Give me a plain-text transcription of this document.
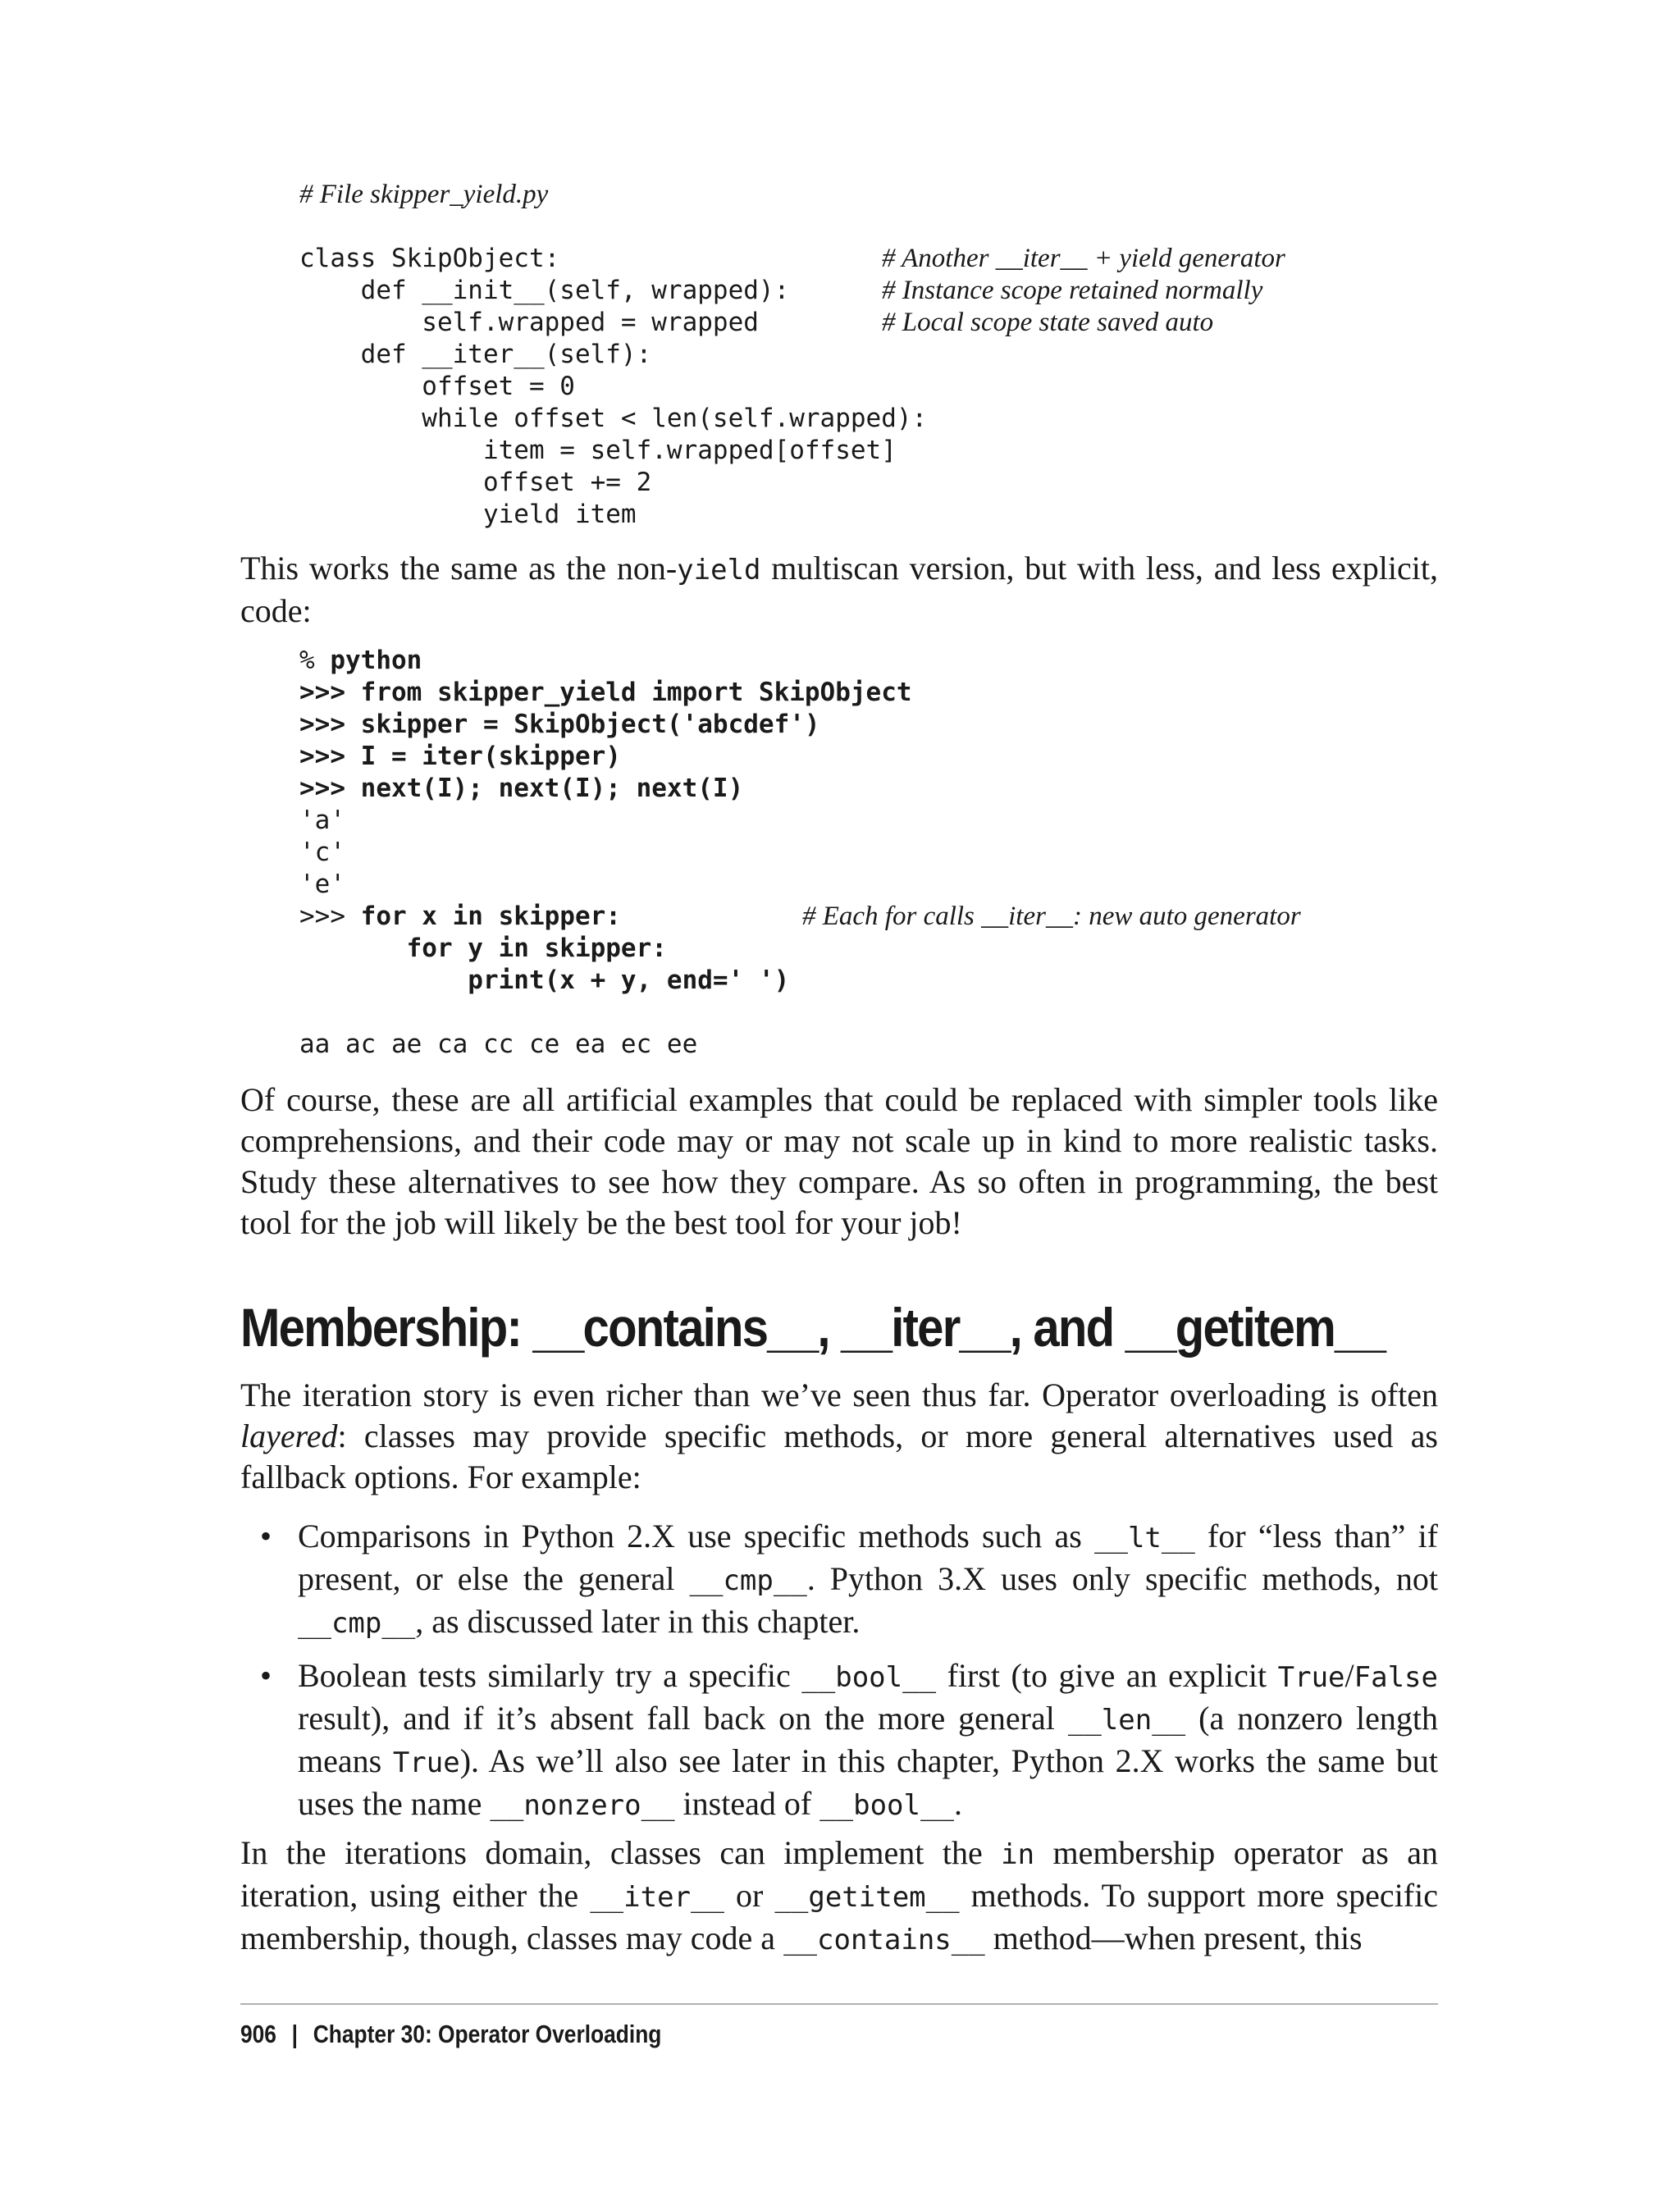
# File skipper_yield.py
class SkipObject:
def __init__(self, wrapped):
self.wrapped = wrapped
def __iter__(self):
offset = 0
while offset < len(self.wrapped):
item = self.wrapped[offset]
offset += 2
yield item
# Another __iter__ + yield generator
# Instance scope retained normally
# Local scope state saved auto

This works the same as the non-yield multiscan version, but with less, and less explicit, code:

% python
>>> from skipper_yield import SkipObject
>>> skipper = SkipObject('abcdef')
>>> I = iter(skipper)
>>> next(I); next(I); next(I)
'a'
'c'
'e'
>>> for x in skipper:
for y in skipper:
print(x + y, end=' ')

aa ac ae ca cc ce ea ec ee
# Each for calls __iter__: new auto generator

Of course, these are all artificial examples that could be replaced with simpler tools like comprehensions, and their code may or may not scale up in kind to more realistic tasks. Study these alternatives to see how they compare. As so often in programming, the best tool for the job will likely be the best tool for your job!

Membership: __contains__, __iter__, and __getitem__

The iteration story is even richer than we’ve seen thus far. Operator overloading is often layered: classes may provide specific methods, or more general alternatives used as fallback options. For example:

• Comparisons in Python 2.X use specific methods such as __lt__ for “less than” if present, or else the general __cmp__. Python 3.X uses only specific methods, not __cmp__, as discussed later in this chapter.
• Boolean tests similarly try a specific __bool__ first (to give an explicit True/False result), and if it’s absent fall back on the more general __len__ (a nonzero length means True). As we’ll also see later in this chapter, Python 2.X works the same but uses the name __nonzero__ instead of __bool__.

In the iterations domain, classes can implement the in membership operator as an iteration, using either the __iter__ or __getitem__ methods. To support more specific membership, though, classes may code a __contains__ method—when present, this

906 | Chapter 30: Operator Overloading
